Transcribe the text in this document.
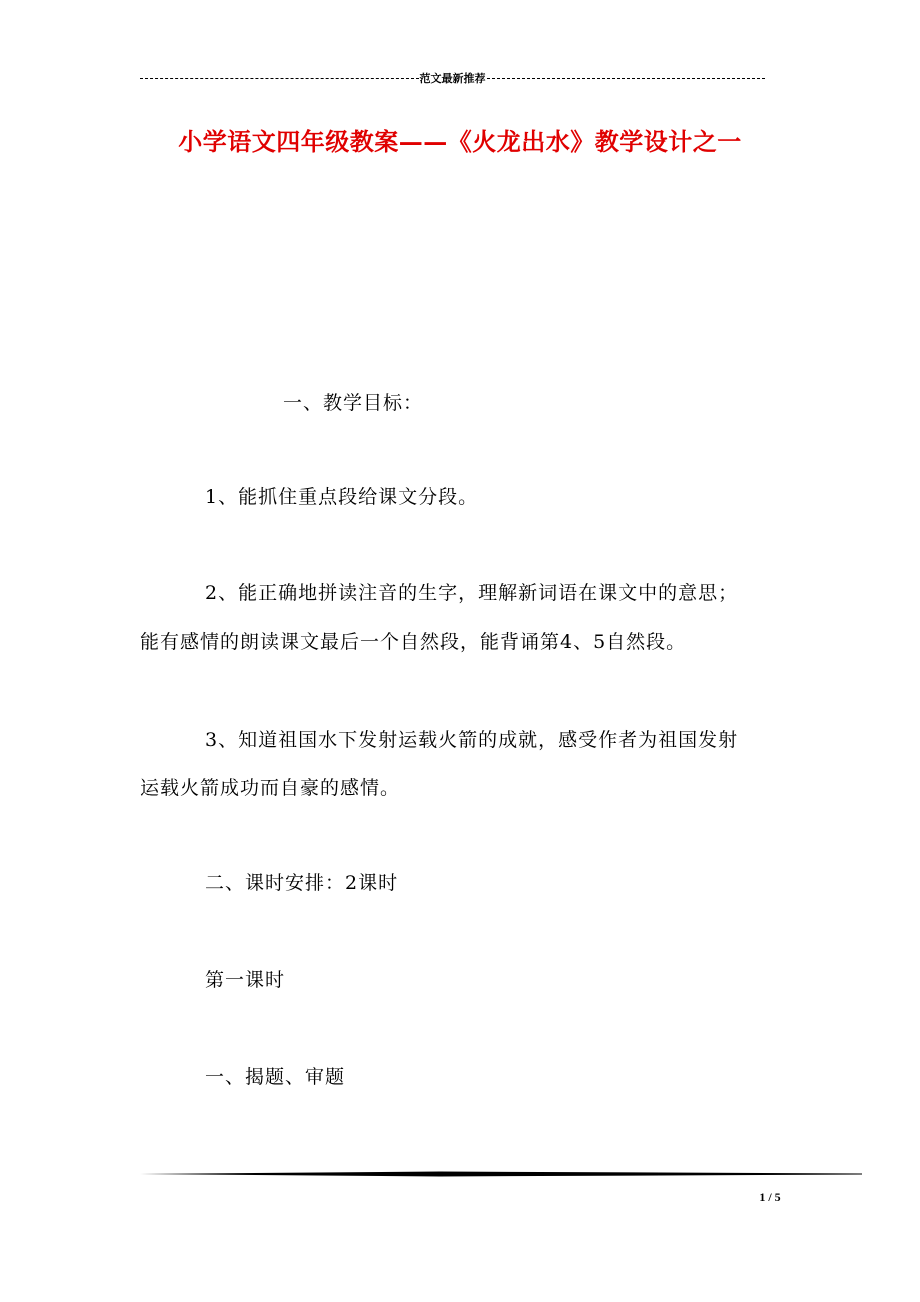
范文最新推荐
小学语文四年级教案——《火龙出水》教学设计之一
一、教学目标：
1、能抓住重点段给课文分段。
2、能正确地拼读注音的生字，理解新词语在课文中的意思；
能有感情的朗读课文最后一个自然段，能背诵第4、5自然段。
3、知道祖国水下发射运载火箭的成就，感受作者为祖国发射
运载火箭成功而自豪的感情。
二、课时安排：2课时
第一课时
一、揭题、审题
1 / 5
